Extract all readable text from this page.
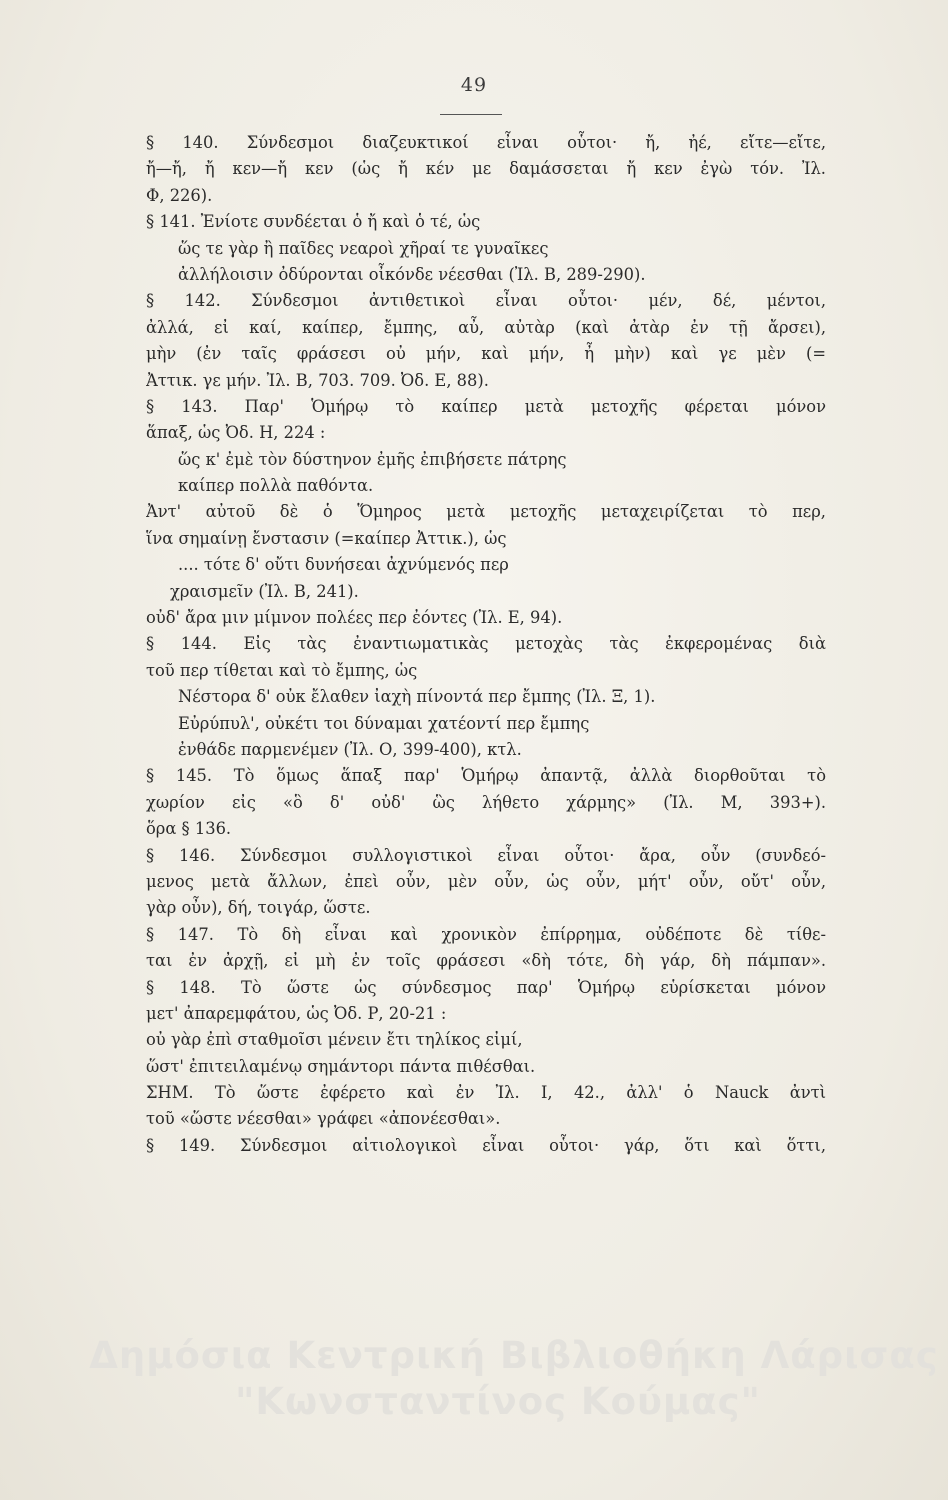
49
§ 140. Σύνδεσμοι διαζευκτικοί εἶναι οὗτοι· ἤ, ἠέ, εἴτε—εἴτε,
ἤ—ἤ, ἤ κεν—ἤ κεν (ὡς ἤ κέν με δαμάσσεται ἤ κεν ἐγὼ τόν. Ἰλ.
Φ, 226).
§ 141. Ἐνίοτε συνδέεται ὁ ἤ καὶ ὁ τέ, ὡς
ὥς τε γὰρ ἢ παῖδες νεαροὶ χῆραί τε γυναῖκες
ἀλλήλοισιν ὀδύρονται οἶκόνδε νέεσθαι (Ἰλ. Β, 289-290).
§ 142. Σύνδεσμοι ἀντιθετικοὶ εἶναι οὗτοι· μέν, δέ, μέντοι,
ἀλλά, εἰ καί, καίπερ, ἔμπης, αὖ, αὐτὰρ (καὶ ἀτὰρ ἐν τῇ ἄρσει),
μὴν (ἐν ταῖς φράσεσι οὐ μήν, καὶ μήν, ἦ μὴν) καὶ γε μὲν (=
Ἀττικ. γε μήν. Ἰλ. Β, 703. 709. Ὀδ. Ε, 88).
§ 143. Παρ' Ὁμήρῳ τὸ καίπερ μετὰ μετοχῆς φέρεται μόνον
ἅπαξ, ὡς Ὀδ. Η, 224 :
ὥς κ' ἐμὲ τὸν δύστηνον ἐμῆς ἐπιβήσετε πάτρης
καίπερ πολλὰ παθόντα.
Ἀντ' αὐτοῦ δὲ ὁ Ὅμηρος μετὰ μετοχῆς μεταχειρίζεται τὸ περ,
ἵνα σημαίνῃ ἔνστασιν (=καίπερ Ἀττικ.), ὡς
.... τότε δ' οὔτι δυνήσεαι ἀχνύμενός περ
χραισμεῖν (Ἰλ. Β, 241).
οὐδ' ἄρα μιν μίμνον πολέες περ ἐόντες (Ἰλ. Ε, 94).
§ 144. Εἰς τὰς ἐναντιωματικὰς μετοχὰς τὰς ἐκφερομένας διὰ
τοῦ περ τίθεται καὶ τὸ ἔμπης, ὡς
Νέστορα δ' οὐκ ἔλαθεν ἰαχὴ πίνοντά περ ἔμπης (Ἰλ. Ξ, 1).
Εὐρύπυλ', οὐκέτι τοι δύναμαι χατέοντί περ ἔμπης
ἐνθάδε παρμενέμεν (Ἰλ. Ο, 399-400), κτλ.
§ 145. Τὸ ὅμως ἅπαξ παρ' Ὁμήρῳ ἀπαντᾷ, ἀλλὰ διορθοῦται τὸ
χωρίον εἰς «ὃ δ' οὐδ' ὣς λήθετο χάρμης» (Ἰλ. Μ, 393+).
ὅρα § 136.
§ 146. Σύνδεσμοι συλλογιστικοὶ εἶναι οὗτοι· ἄρα, οὖν (συνδεό-
μενος μετὰ ἄλλων, ἐπεὶ οὖν, μὲν οὖν, ὡς οὖν, μήτ' οὖν, οὔτ' οὖν,
γὰρ οὖν), δή, τοιγάρ, ὥστε.
§ 147. Τὸ δὴ εἶναι καὶ χρονικὸν ἐπίρρημα, οὐδέποτε δὲ τίθε-
ται ἐν ἀρχῇ, εἰ μὴ ἐν τοῖς φράσεσι «δὴ τότε, δὴ γάρ, δὴ πάμπαν».
§ 148. Τὸ ὥστε ὡς σύνδεσμος παρ' Ὁμήρῳ εὑρίσκεται μόνον
μετ' ἀπαρεμφάτου, ὡς Ὀδ. Ρ, 20-21 :
οὐ γὰρ ἐπὶ σταθμοῖσι μένειν ἔτι τηλίκος εἰμί,
ὥστ' ἐπιτειλαμένῳ σημάντορι πάντα πιθέσθαι.
ΣΗΜ. Τὸ ὥστε ἐφέρετο καὶ ἐν Ἰλ. Ι, 42., ἀλλ' ὁ Nauck ἀντὶ
τοῦ «ὥστε νέεσθαι» γράφει «ἀπονέεσθαι».
§ 149. Σύνδεσμοι αἰτιολογικοὶ εἶναι οὗτοι· γάρ, ὅτι καὶ ὅττι,
Δημόσια Κεντρική Βιβλιοθήκη Λάρισας
"Κωνσταντίνος Κούμας"
